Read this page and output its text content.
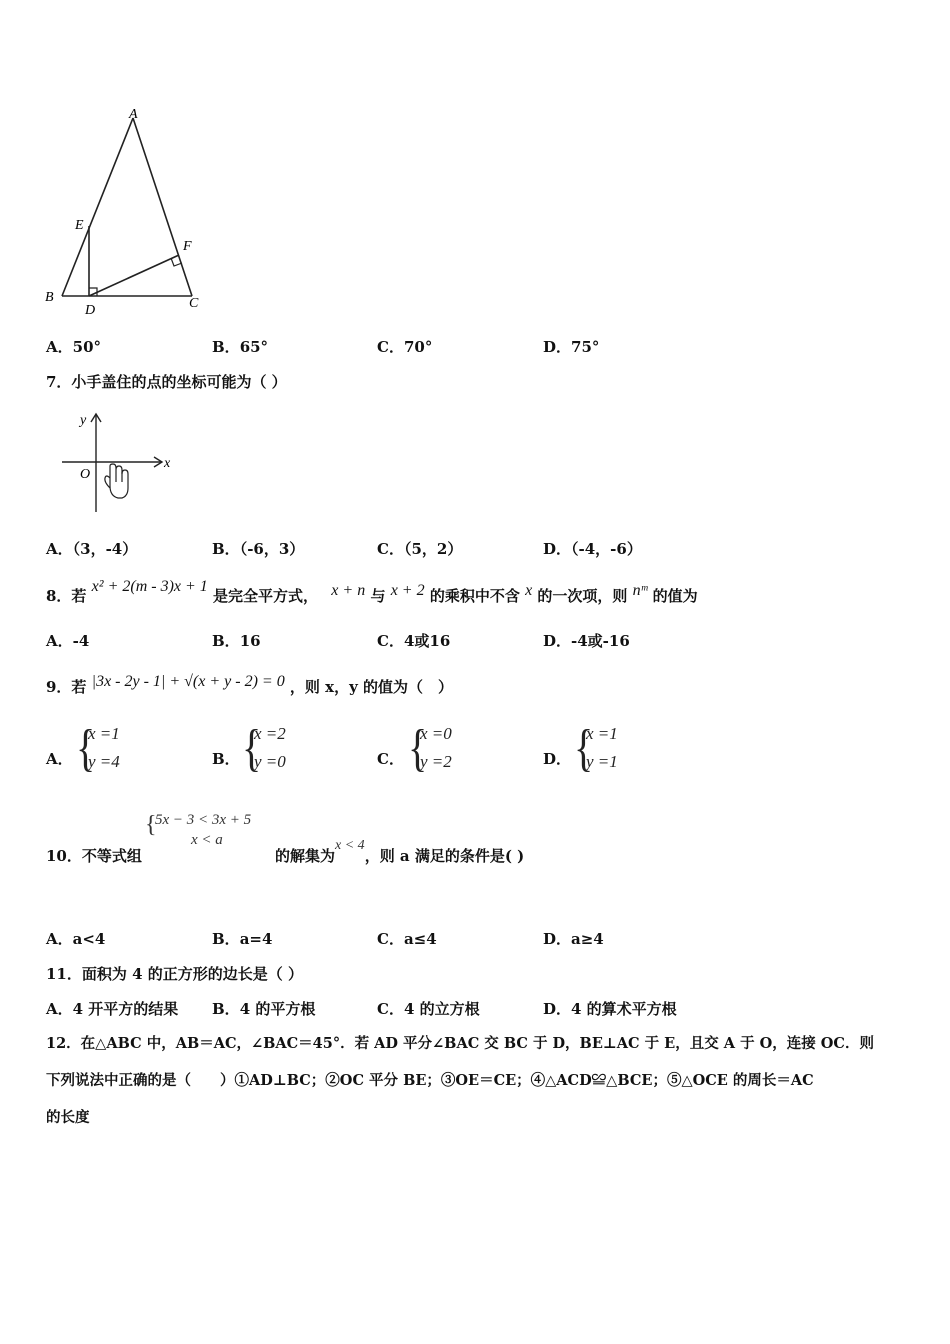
A
E
F
B
D	C
A．50°	B．65°	C．70°	D．75°
7．小手盖住的点的坐标可能为（ ）
y
x
O
A．（3，-4）	B．（-6，3）	C．（5，2）	D．（-4，-6）
8．若 x² + 2(m - 3)x + 1 是完全平方式， x + n 与 x + 2 的乘积中不含 x 的一次项，则 nᵐ 的值为
A．-4	B．16	C．4或16	D．-4或-16
9．若 |3x - 2y - 1| + √(x + y - 2) = 0 ，则 x，y 的值为（　）
A． {
x =1
y =4	B． {
x =2
y =0	C． {
x =0
y =2	D． {
x =1
y =1
10．不等式组
{
5x − 3 < 3x + 5
x < a
的解集为x < 4，则 a 满足的条件是( )
A．a<4	B．a=4	C．a≤4	D．a≥4
11．面积为 4 的正方形的边长是（ ）
A．4 开平方的结果 B．4 的平方根	C．4 的立方根	D．4 的算术平方根
12．在△ABC 中，AB＝AC，∠BAC＝45°．若 AD 平分∠BAC 交 BC 于 D，BE⊥AC 于 E，且交 A 于 O，连接 OC．则
下列说法中正确的是（　　）①AD⊥BC；②OC 平分 BE；③OE＝CE；④△ACD≌△BCE；⑤△OCE 的周长＝AC
的长度
